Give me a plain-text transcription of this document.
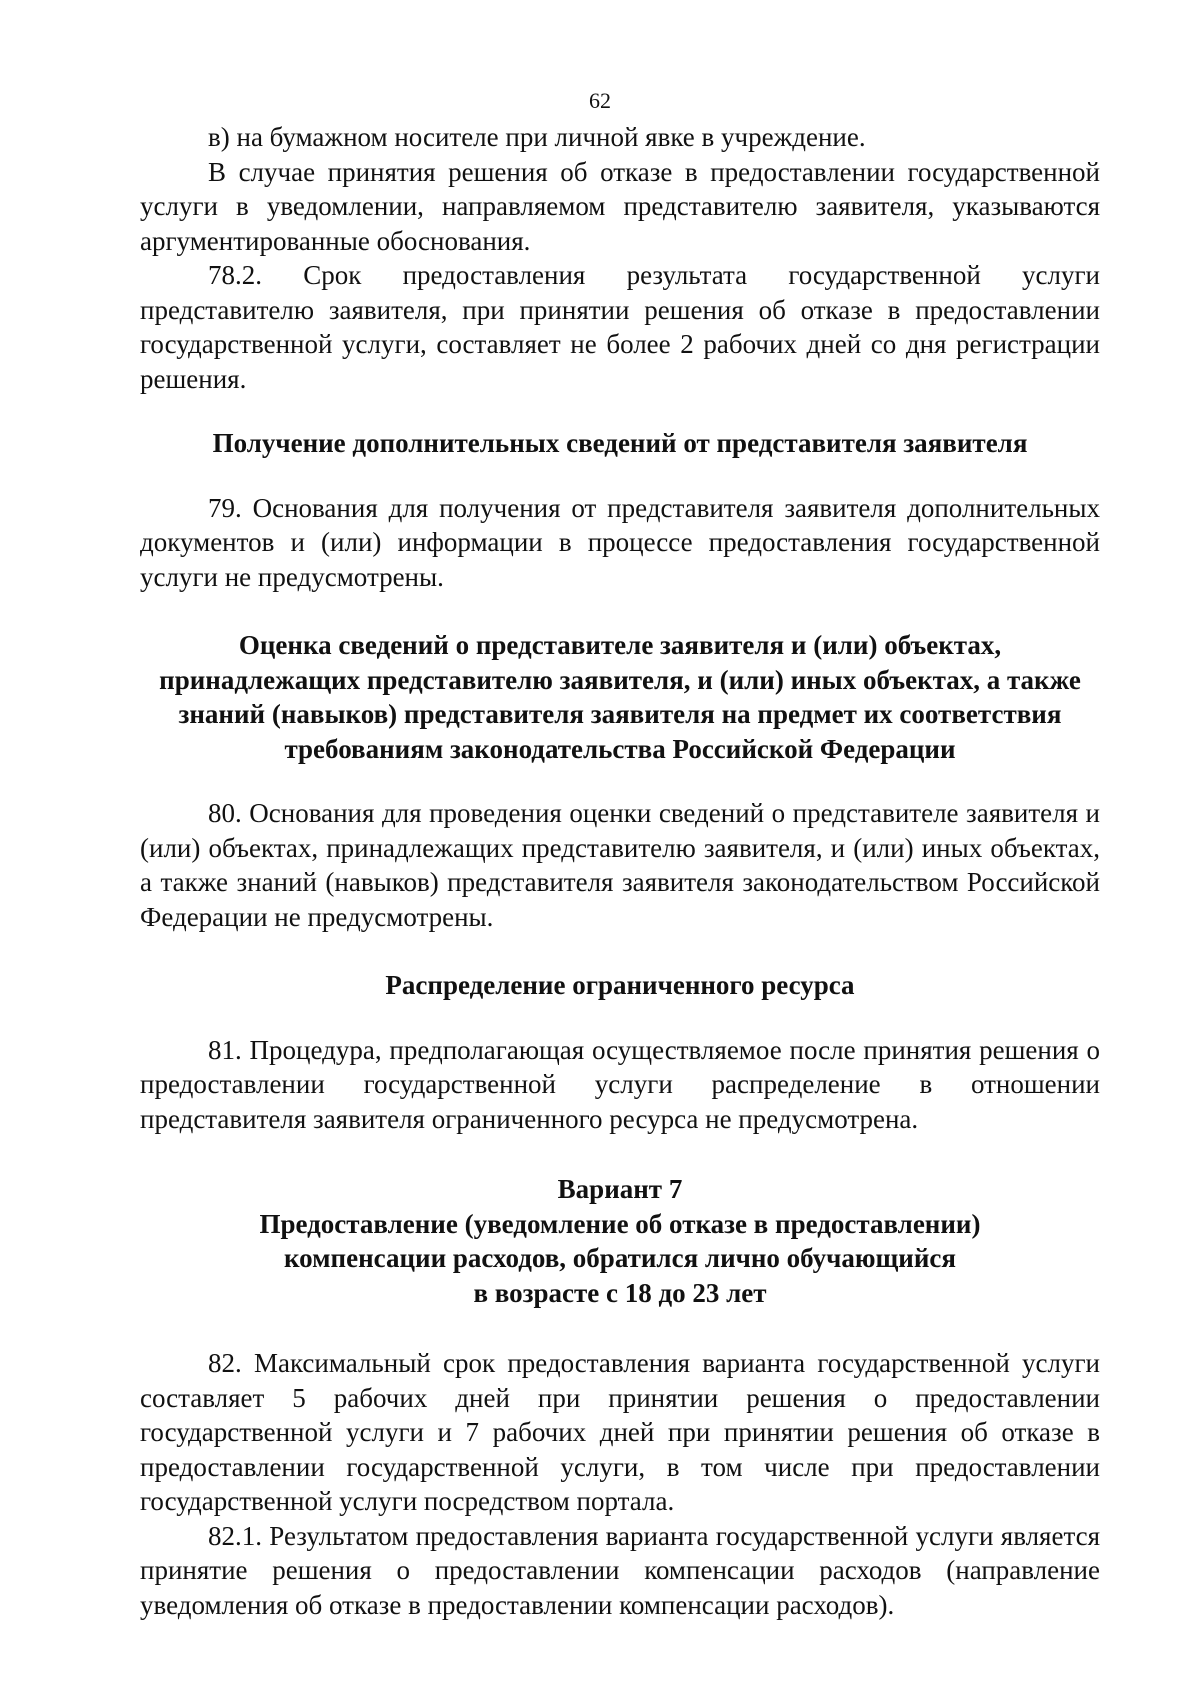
62

в) на бумажном носителе при личной явке в учреждение.

В случае принятия решения об отказе в предоставлении государственной услуги в уведомлении, направляемом представителю заявителя, указываются аргументированные обоснования.

78.2. Срок предоставления результата государственной услуги представителю заявителя, при принятии решения об отказе в предоставлении государственной услуги, составляет не более 2 рабочих дней со дня регистрации решения.

Получение дополнительных сведений от представителя заявителя

79. Основания для получения от представителя заявителя дополнительных документов и (или) информации в процессе предоставления государственной услуги не предусмотрены.

Оценка сведений о представителе заявителя и (или) объектах,
принадлежащих представителю заявителя, и (или) иных объектах, а также
знаний (навыков) представителя заявителя на предмет их соответствия
требованиям законодательства Российской Федерации

80. Основания для проведения оценки сведений о представителе заявителя и (или) объектах, принадлежащих представителю заявителя, и (или) иных объектах, а также знаний (навыков) представителя заявителя законодательством Российской Федерации не предусмотрены.

Распределение ограниченного ресурса

81. Процедура, предполагающая осуществляемое после принятия решения о предоставлении государственной услуги распределение в отношении представителя заявителя ограниченного ресурса не предусмотрена.

Вариант 7
Предоставление (уведомление об отказе в предоставлении)
компенсации расходов, обратился лично обучающийся
в возрасте с 18 до 23 лет

82. Максимальный срок предоставления варианта государственной услуги составляет 5 рабочих дней при принятии решения о предоставлении государственной услуги и 7 рабочих дней при принятии решения об отказе в предоставлении государственной услуги, в том числе при предоставлении государственной услуги посредством портала.

82.1. Результатом предоставления варианта государственной услуги является принятие решения о предоставлении компенсации расходов (направление уведомления об отказе в предоставлении компенсации расходов).
